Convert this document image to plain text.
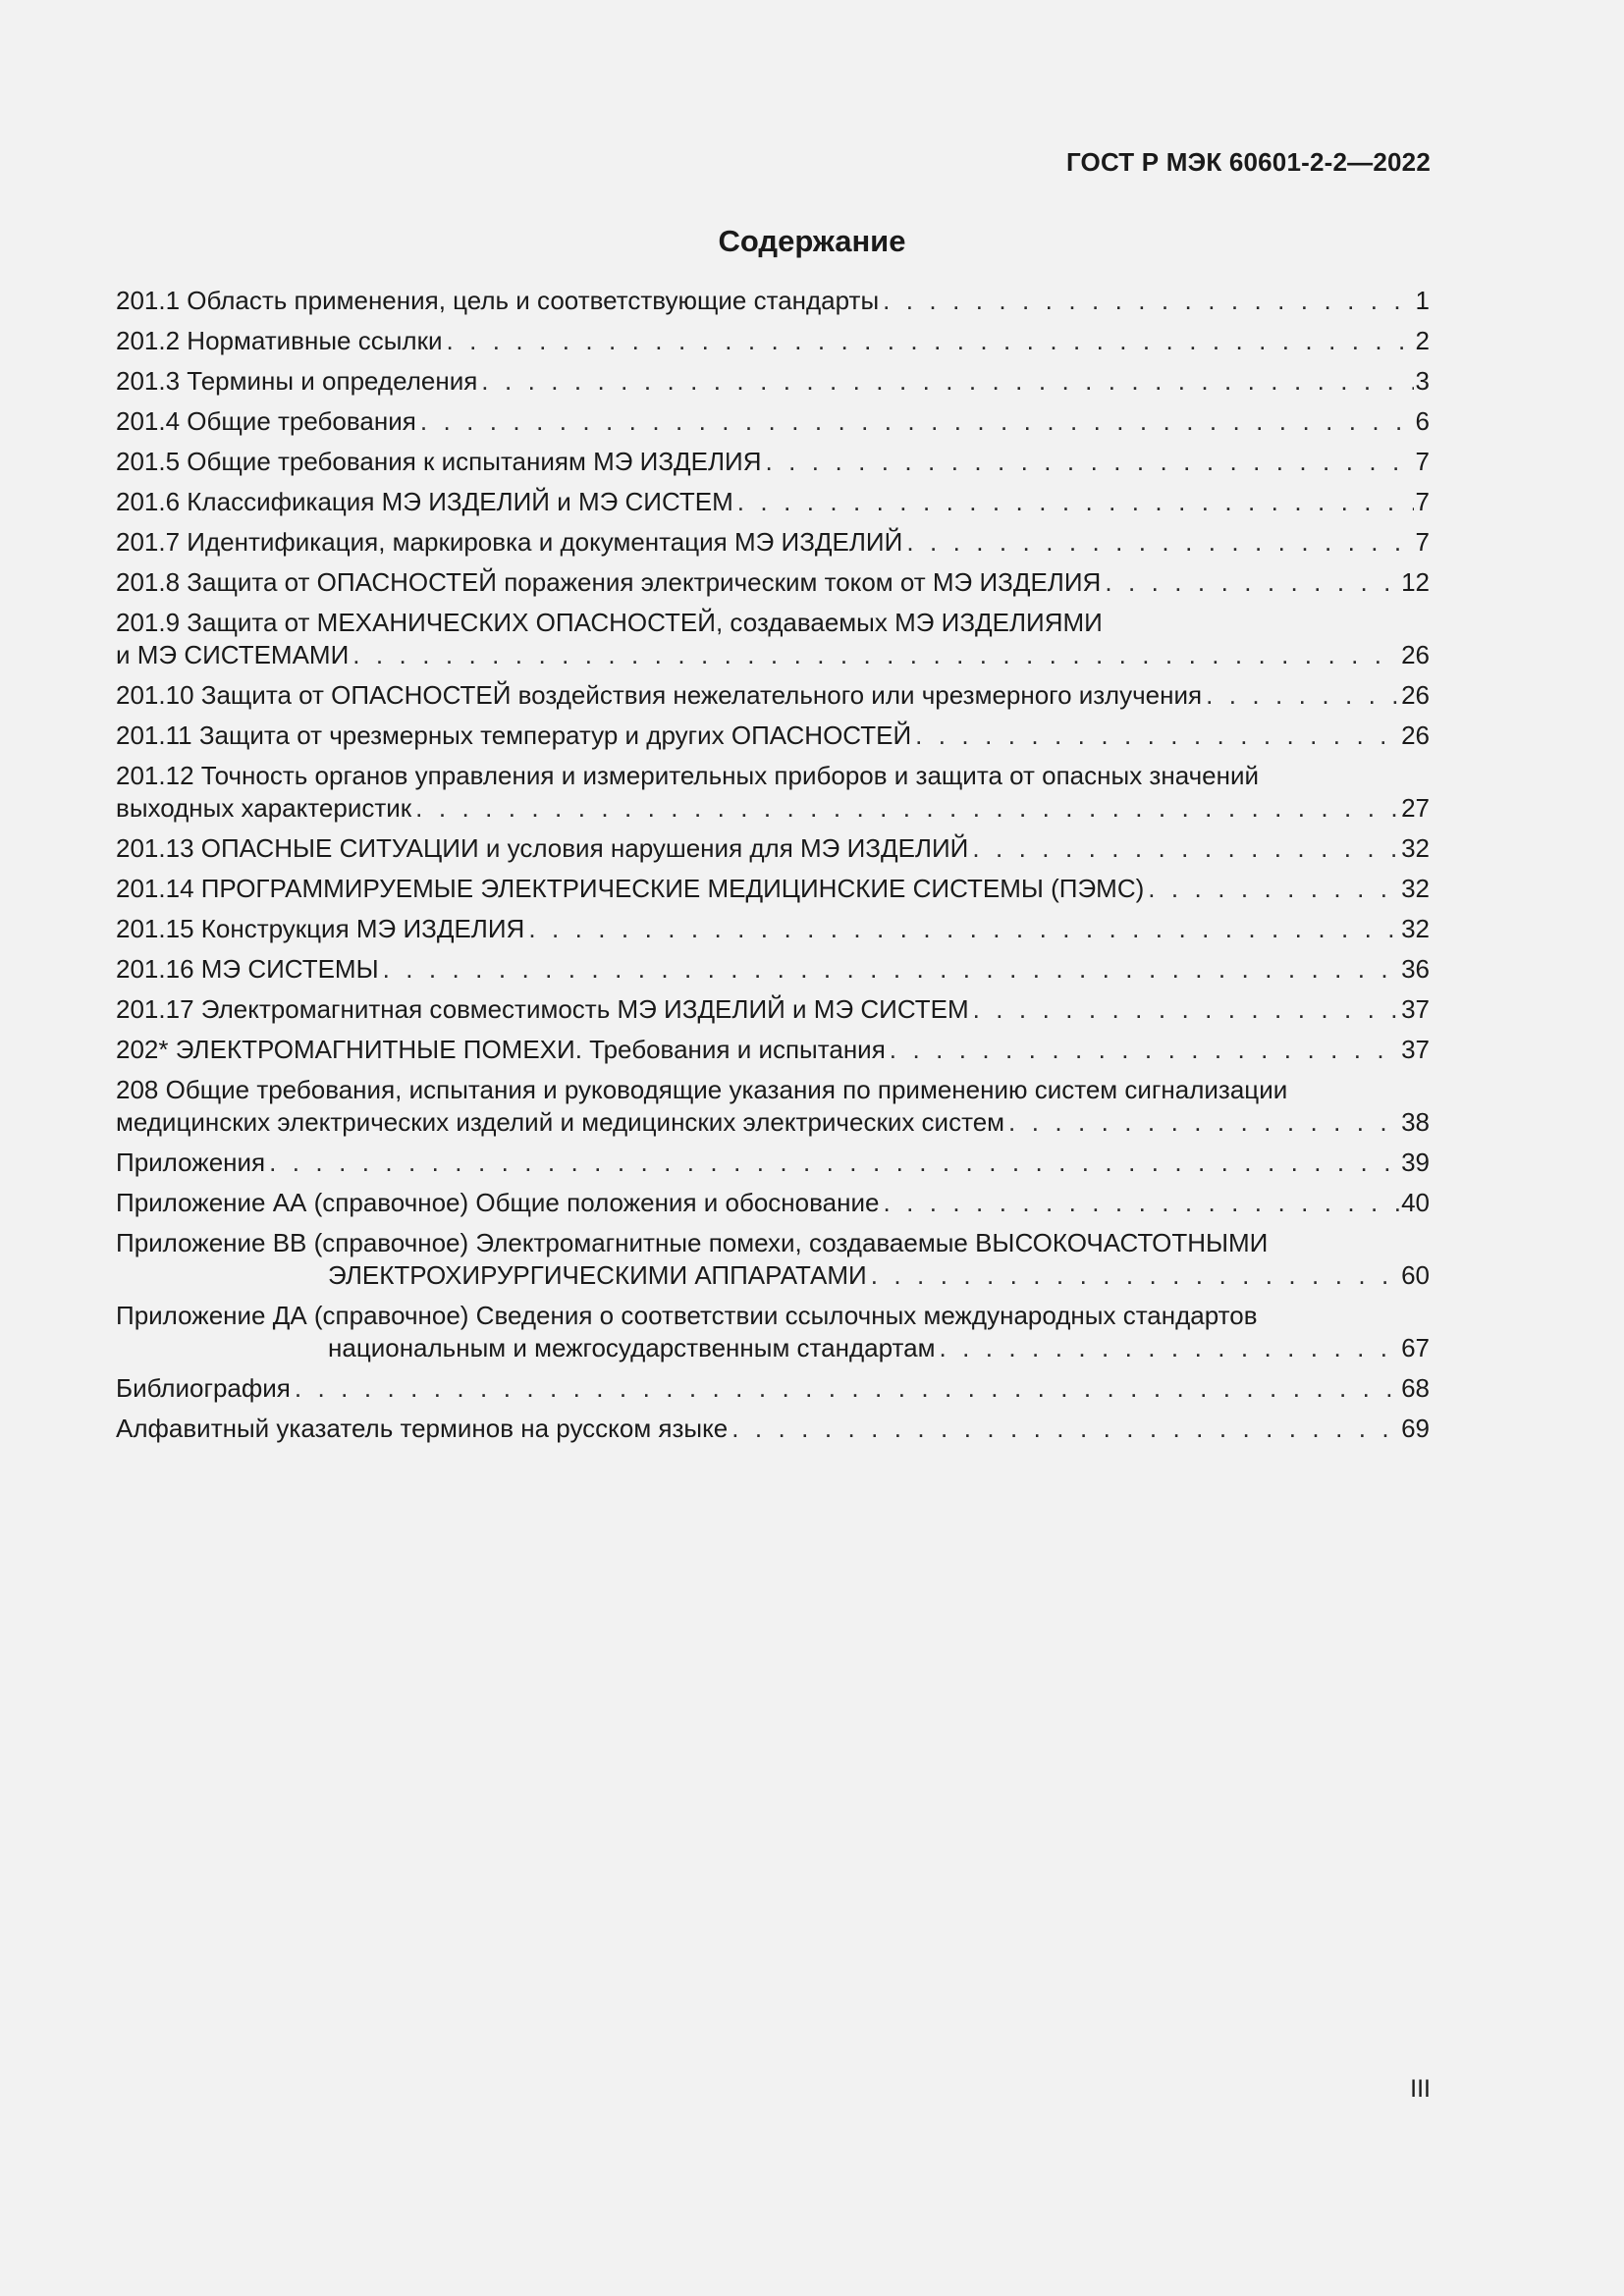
ГОСТ Р МЭК 60601-2-2—2022
Содержание
201.1 Область применения, цель и соответствующие стандарты . . .	1
201.2 Нормативные ссылки . . .	2
201.3 Термины и определения . . .	3
201.4 Общие требования . . .	6
201.5 Общие требования к испытаниям МЭ ИЗДЕЛИЯ . . .	7
201.6 Классификация МЭ ИЗДЕЛИЙ и МЭ СИСТЕМ . . .	7
201.7 Идентификация, маркировка и документация МЭ ИЗДЕЛИЙ . . .	7
201.8 Защита от ОПАСНОСТЕЙ поражения электрическим током от МЭ ИЗДЕЛИЯ . . .	12
201.9 Защита от МЕХАНИЧЕСКИХ ОПАСНОСТЕЙ, создаваемых МЭ ИЗДЕЛИЯМИ
и МЭ СИСТЕМАМИ . . .	26
201.10 Защита от ОПАСНОСТЕЙ воздействия нежелательного или чрезмерного излучения . . .	26
201.11 Защита от чрезмерных температур и других ОПАСНОСТЕЙ . . .	26
201.12 Точность органов управления и измерительных приборов и защита от опасных значений
выходных характеристик . . .	27
201.13 ОПАСНЫЕ СИТУАЦИИ и условия нарушения для МЭ ИЗДЕЛИЙ . . .	32
201.14 ПРОГРАММИРУЕМЫЕ ЭЛЕКТРИЧЕСКИЕ МЕДИЦИНСКИЕ СИСТЕМЫ (ПЭМС) . . .	32
201.15 Конструкция МЭ ИЗДЕЛИЯ . . .	32
201.16 МЭ СИСТЕМЫ . . .	36
201.17 Электромагнитная совместимость МЭ ИЗДЕЛИЙ и МЭ СИСТЕМ . . .	37
202* ЭЛЕКТРОМАГНИТНЫЕ ПОМЕХИ. Требования и испытания . . .	37
208 Общие требования, испытания и руководящие указания по применению систем сигнализации
медицинских электрических изделий и медицинских электрических систем . . .	38
Приложения . . .	39
Приложение АА (справочное) Общие положения и обоснование . . .	40
Приложение ВВ (справочное) Электромагнитные помехи, создаваемые ВЫСОКОЧАСТОТНЫМИ
ЭЛЕКТРОХИРУРГИЧЕСКИМИ АППАРАТАМИ . . .	60
Приложение ДА (справочное) Сведения о соответствии ссылочных международных стандартов
национальным и межгосударственным стандартам . . .	67
Библиография . . .	68
Алфавитный указатель терминов на русском языке . . .	69
III
